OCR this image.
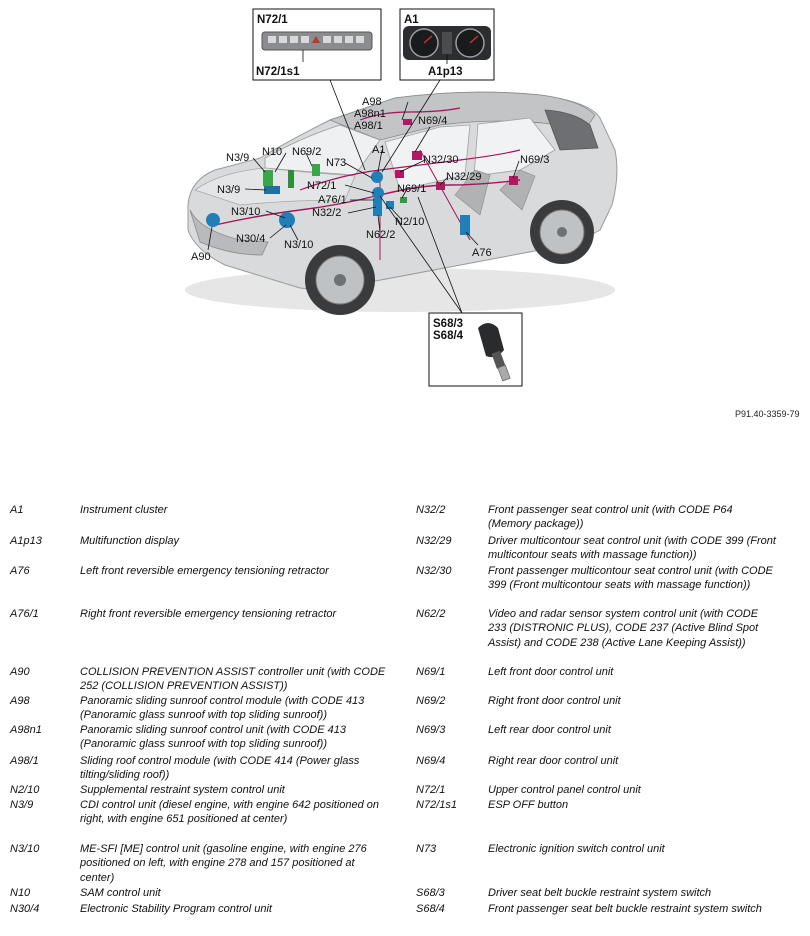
N72/1
N72/1s1
A1
A1p13
S68/3
S68/4
A98
A98n1
A98/1	N69/4
N10 N69/2	A1
N3/9	N32/30	N69/3
N73
N32/29
N72/1
N3/9	N69/1
A76/1
N3/10	N32/2
N2/10
N30/4	N62/2
N3/10
A90	A76
P91.40-3359-79
A1	Instrument cluster
A1p13	Multifunction display
A76	Left front reversible emergency tensioning retractor
A76/1	Right front reversible emergency tensioning retractor
A90	COLLISION PREVENTION ASSIST controller unit (with CODE 252 (COLLISION PREVENTION ASSIST))
A98	Panoramic sliding sunroof control module (with CODE 413 (Panoramic glass sunroof with top sliding sunroof))
A98n1	Panoramic sliding sunroof control unit (with CODE 413 (Panoramic glass sunroof with top sliding sunroof))
A98/1	Sliding roof control module (with CODE 414 (Power glass tilting/sliding roof))
N2/10	Supplemental restraint system control unit
N3/9	CDI control unit (diesel engine, with engine 642 positioned on right, with engine 651 positioned at center)
N3/10	ME-SFI [ME] control unit (gasoline engine, with engine 276 positioned on left, with engine 278 and 157 positioned at center)
N10	SAM control unit
N30/4	Electronic Stability Program control unit
N32/2	Front passenger seat control unit (with CODE P64 (Memory package))
N32/29	Driver multicontour seat control unit (with CODE 399 (Front multicontour seats with massage function))
N32/30	Front passenger multicontour seat control unit (with CODE 399 (Front multicontour seats with massage function))
N62/2	Video and radar sensor system control unit (with CODE 233 (DISTRONIC PLUS), CODE 237 (Active Blind Spot Assist) and CODE 238 (Active Lane Keeping Assist))
N69/1	Left front door control unit
N69/2	Right front door control unit
N69/3	Left rear door control unit
N69/4	Right rear door control unit
N72/1	Upper control panel control unit
N72/1s1	ESP OFF button
N73	Electronic ignition switch control unit
S68/3	Driver seat belt buckle restraint system switch
S68/4	Front passenger seat belt buckle restraint system switch
